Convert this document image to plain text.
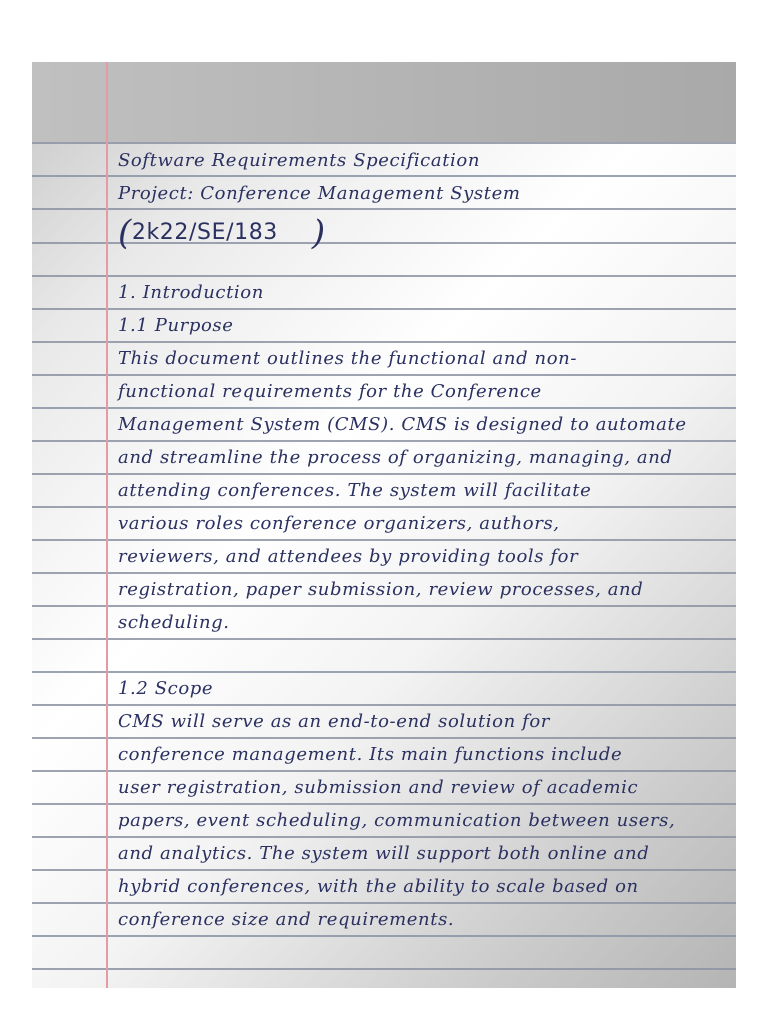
Software Requirements Specification
Project: Conference Management System
(2k22/SE/183 )
1. Introduction
1.1 Purpose
This document outlines the functional and non-
functional requirements for the Conference
Management System (CMS). CMS is designed to automate
and streamline the process of organizing, managing, and
attending conferences. The system will facilitate
various roles conference organizers, authors,
reviewers, and attendees by providing tools for
registration, paper submission, review processes, and
scheduling.
1.2 Scope
CMS will serve as an end-to-end solution for
conference management. Its main functions include
user registration, submission and review of academic
papers, event scheduling, communication between users,
and analytics. The system will support both online and
hybrid conferences, with the ability to scale based on
conference size and requirements.
